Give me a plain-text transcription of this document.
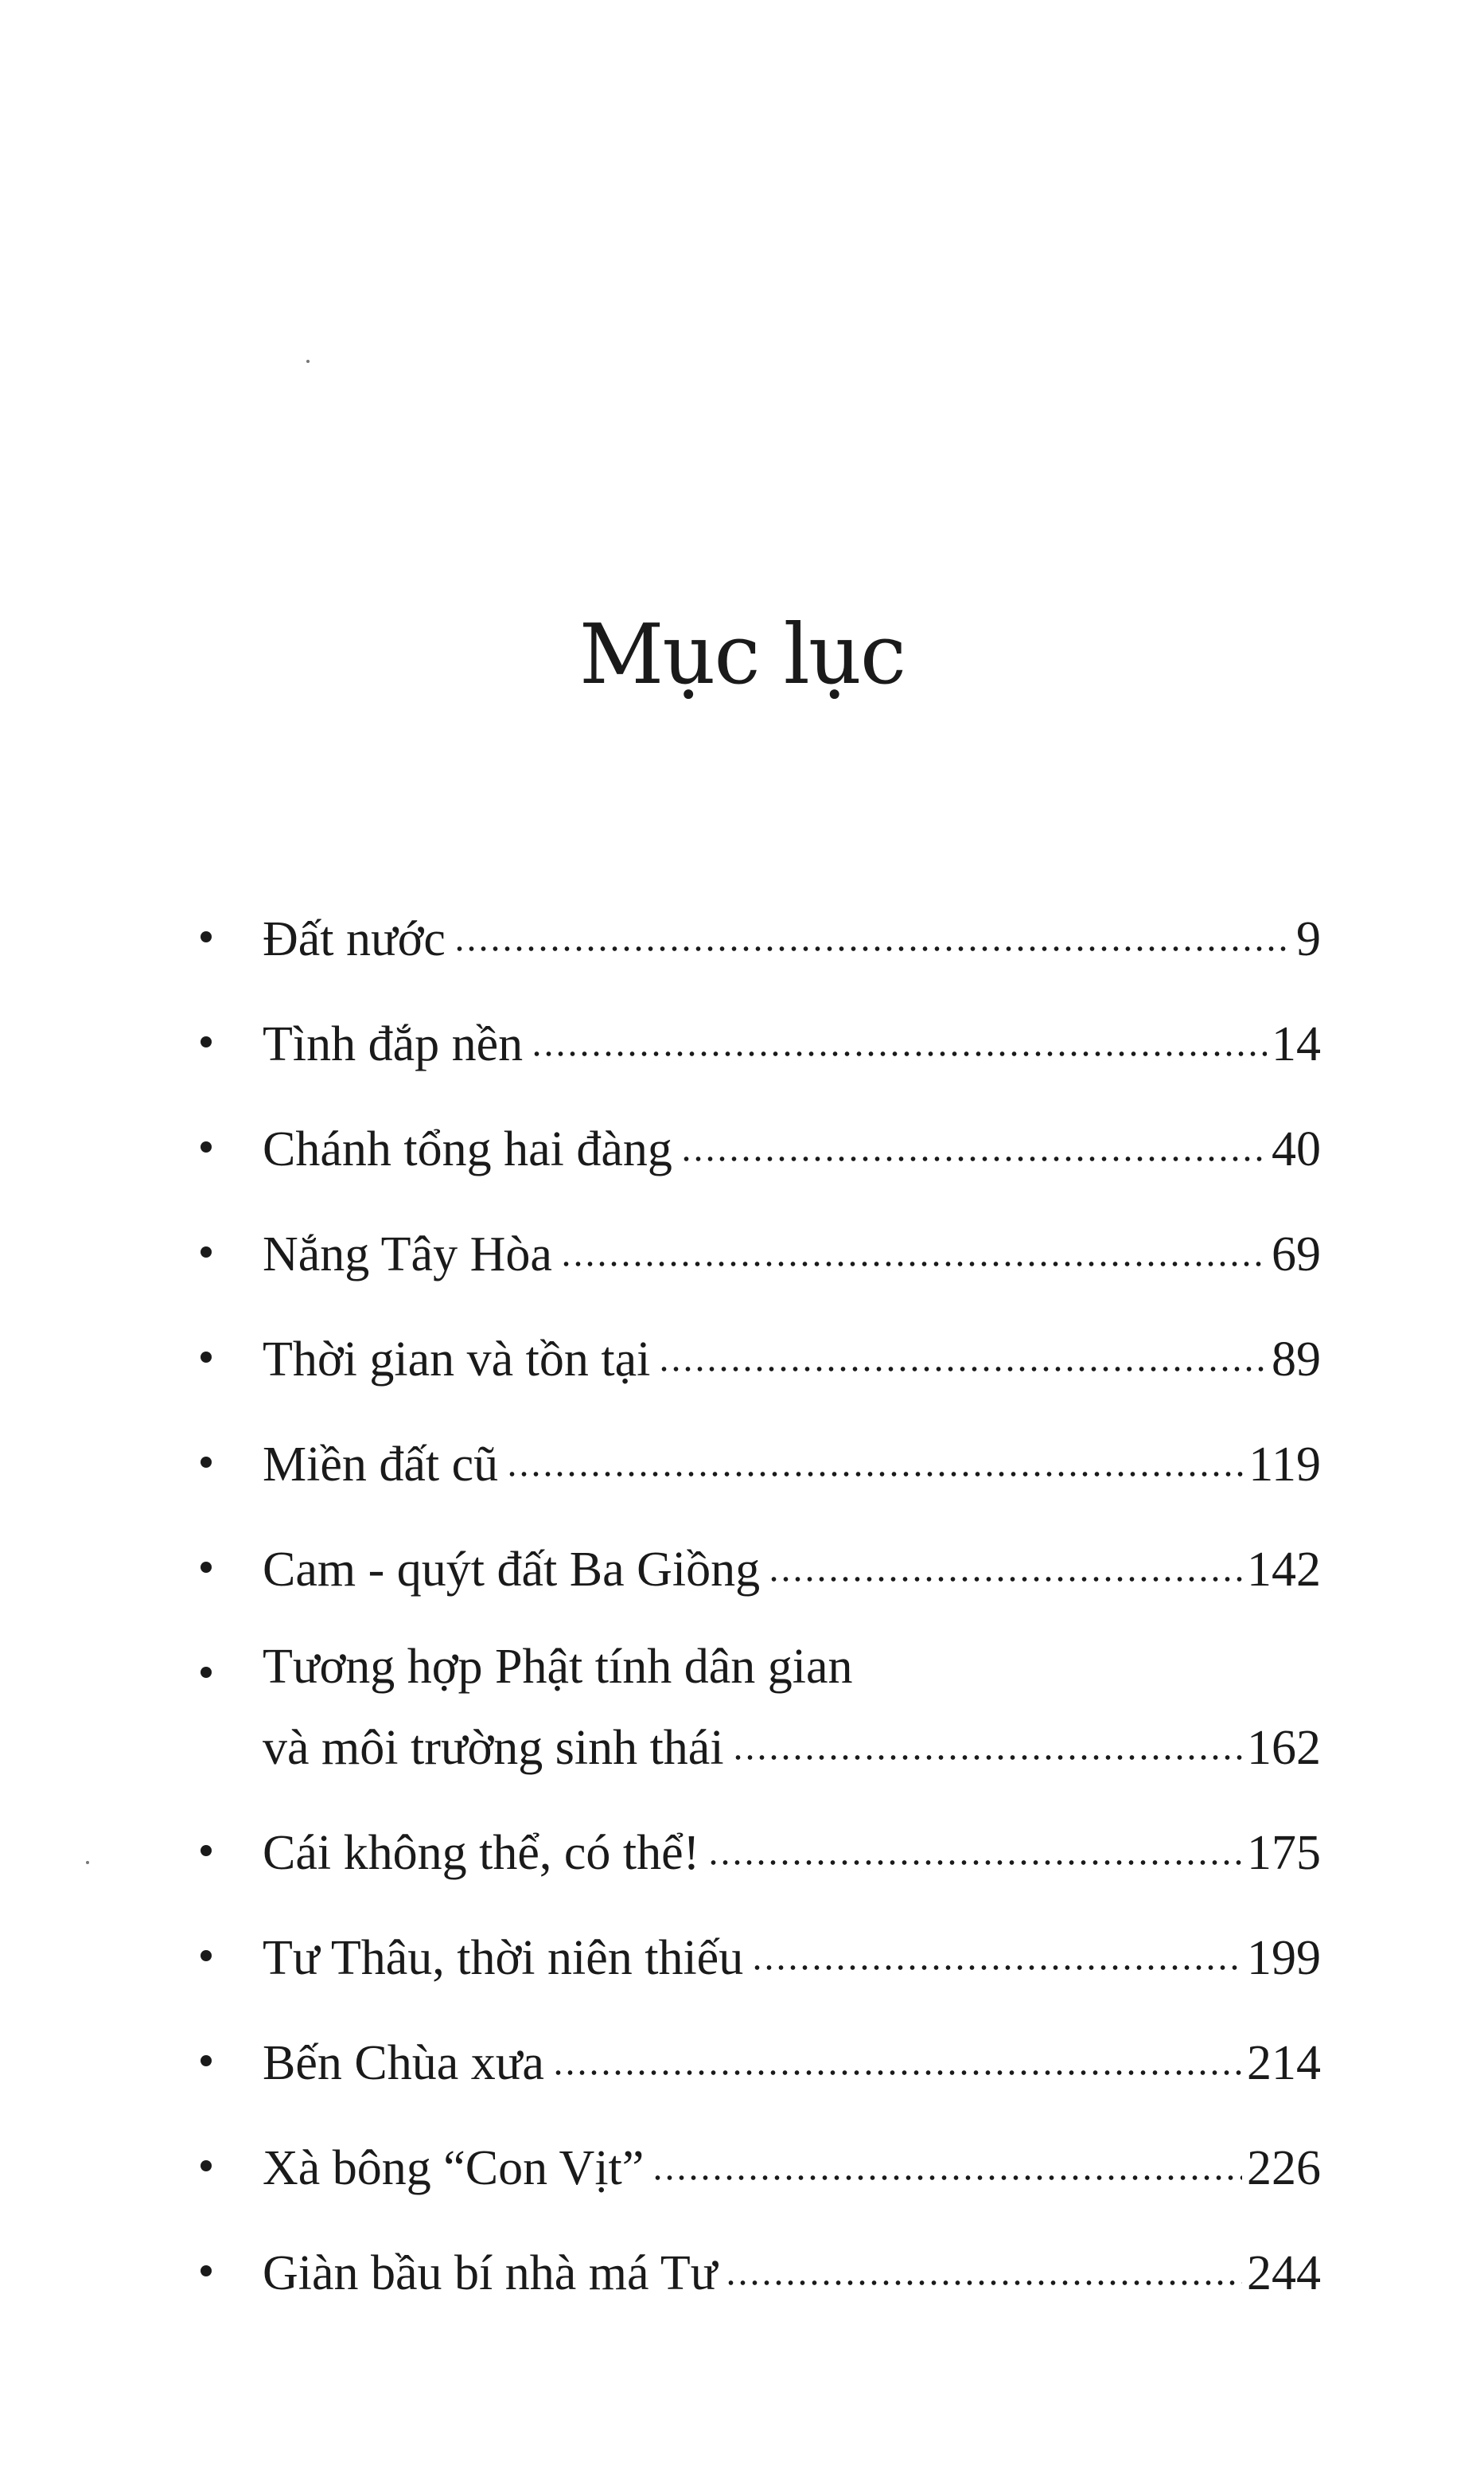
Mục lục
Đất nước	9
Tình đắp nền	14
Chánh tổng hai đàng	40
Nắng Tây Hòa	69
Thời gian và tồn tại	89
Miền đất cũ	119
Cam - quýt đất Ba Giồng	142
Tương hợp Phật tính dân gian
và môi trường sinh thái	162
Cái không thể, có thể!	175
Tư Thâu, thời niên thiếu	199
Bến Chùa xưa	214
Xà bông “Con Vịt”	226
Giàn bầu bí nhà má Tư	244
